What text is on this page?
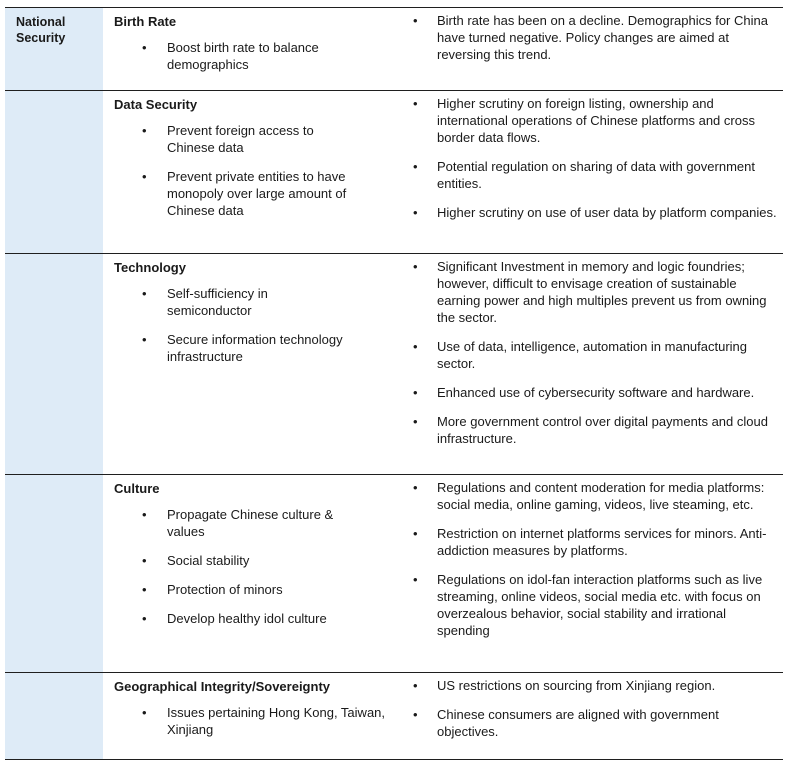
National Security
Birth Rate
• Boost birth rate to balance demographics
• Birth rate has been on a decline. Demographics for China have turned negative. Policy changes are aimed at reversing this trend.
Data Security
• Prevent foreign access to Chinese data
• Prevent private entities to have monopoly over large amount of Chinese data
• Higher scrutiny on foreign listing, ownership and international operations of Chinese platforms and cross border data flows.
• Potential regulation on sharing of data with government entities.
• Higher scrutiny on use of user data by platform companies.
Technology
• Self-sufficiency in semiconductor
• Secure information technology infrastructure
• Significant Investment in memory and logic foundries; however, difficult to envisage creation of sustainable earning power and high multiples prevent us from owning the sector.
• Use of data, intelligence, automation in manufacturing sector.
• Enhanced use of cybersecurity software and hardware.
• More government control over digital payments and cloud infrastructure.
Culture
• Propagate Chinese culture & values
• Social stability
• Protection of minors
• Develop healthy idol culture
• Regulations and content moderation for media platforms: social media, online gaming, videos, live steaming, etc.
• Restriction on internet platforms services for minors. Anti-addiction measures by platforms.
• Regulations on idol-fan interaction platforms such as live streaming, online videos, social media etc. with focus on overzealous behavior, social stability and irrational spending
Geographical Integrity/Sovereignty
• Issues pertaining Hong Kong, Taiwan, Xinjiang
• US restrictions on sourcing from Xinjiang region.
• Chinese consumers are aligned with government objectives.
